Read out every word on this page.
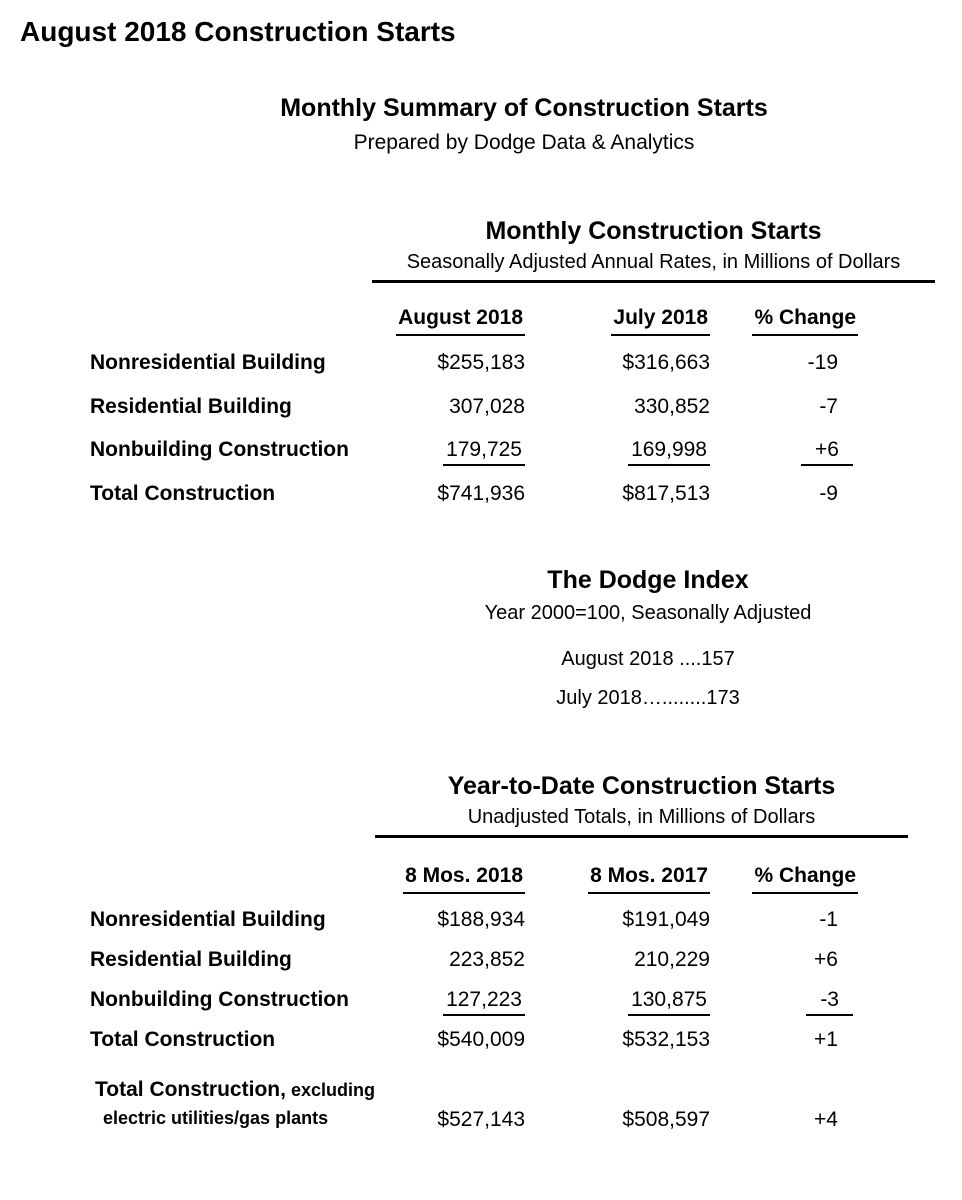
August 2018 Construction Starts
Monthly Summary of Construction Starts
Prepared by Dodge Data & Analytics
Monthly Construction Starts
Seasonally Adjusted Annual Rates, in Millions of Dollars
August 2018	July 2018	% Change
Nonresidential Building	$255,183	$316,663	-19
Residential Building	307,028	330,852	-7
Nonbuilding Construction	179,725	169,998	+6
Total Construction	$741,936	$817,513	-9
The Dodge Index
Year 2000=100, Seasonally Adjusted
August 2018 ....157
July 2018…........173
Year-to-Date Construction Starts
Unadjusted Totals, in Millions of Dollars
8 Mos. 2018	8 Mos. 2017	% Change
Nonresidential Building	$188,934	$191,049	-1
Residential Building	223,852	210,229	+6
Nonbuilding Construction	127,223	130,875	-3
Total Construction	$540,009	$532,153	+1
Total Construction, excluding
electric utilities/gas plants	$527,143	$508,597	+4
